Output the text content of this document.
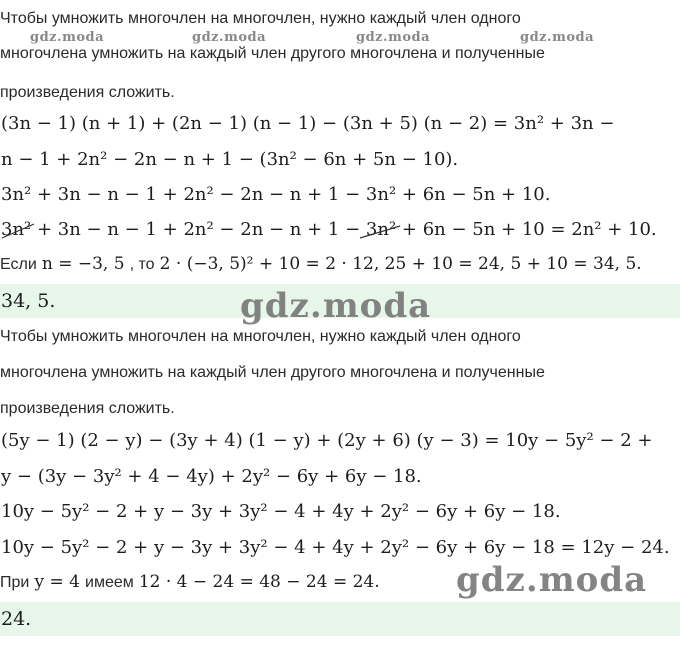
gdz.moda	gdz.moda	gdz.moda	gdz.moda
Чтобы умножить многочлен на многочлен, нужно каждый член одного
многочлена умножить на каждый член другого многочлена и полученные
произведения сложить.
(3n − 1) (n + 1) + (2n − 1) (n − 1) − (3n + 5) (n − 2) = 3n² + 3n −
n − 1 + 2n² − 2n − n + 1 − (3n² − 6n + 5n − 10).
3n² + 3n − n − 1 + 2n² − 2n − n + 1 − 3n² + 6n − 5n + 10.
3n² + 3n − n − 1 + 2n² − 2n − n + 1 − 3n² + 6n − 5n + 10 = 2n² + 10.
Если n = −3, 5 , то 2 · (−3, 5)² + 10 = 2 · 12, 25 + 10 = 24, 5 + 10 = 34, 5.
34, 5.	gdz.moda
Чтобы умножить многочлен на многочлен, нужно каждый член одного
многочлена умножить на каждый член другого многочлена и полученные
произведения сложить.
(5y − 1) (2 − y) − (3y + 4) (1 − y) + (2y + 6) (y − 3) = 10y − 5y² − 2 +
y − (3y − 3y² + 4 − 4y) + 2y² − 6y + 6y − 18.
10y − 5y² − 2 + y − 3y + 3y² − 4 + 4y + 2y² − 6y + 6y − 18.
10y − 5y² − 2 + y − 3y + 3y² − 4 + 4y + 2y² − 6y + 6y − 18 = 12y − 24.
При y = 4 имеем 12 · 4 − 24 = 48 − 24 = 24. gdz.moda
24.
